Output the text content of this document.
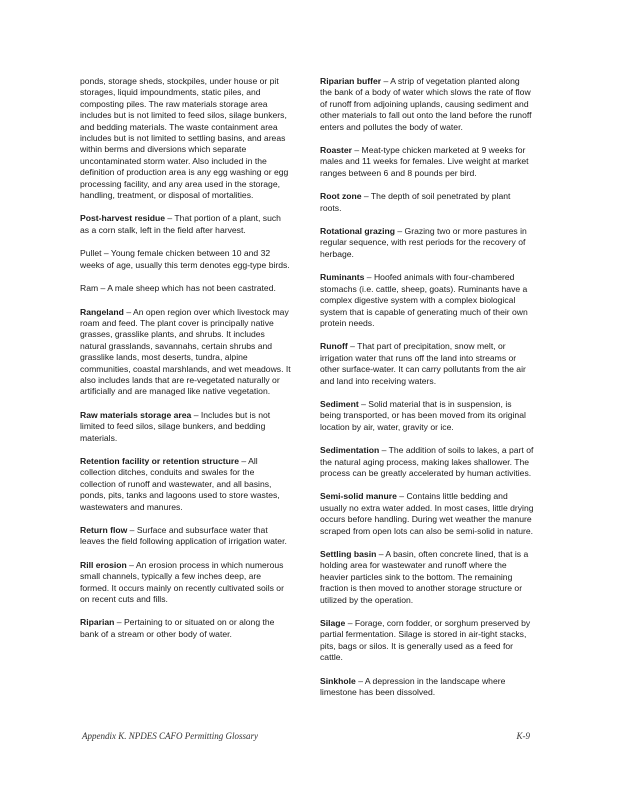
ponds, storage sheds, stockpiles, under house or pit storages, liquid impoundments, static piles, and composting piles. The raw materials storage area includes but is not limited to feed silos, silage bunkers, and bedding materials. The waste containment area includes but is not limited to settling basins, and areas within berms and diversions which separate uncontaminated storm water. Also included in the definition of production area is any egg washing or egg processing facility, and any area used in the storage, handling, treatment, or disposal of mortalities.

Post-harvest residue – That portion of a plant, such as a corn stalk, left in the field after harvest.

Pullet – Young female chicken between 10 and 32 weeks of age, usually this term denotes egg-type birds.

Ram – A male sheep which has not been castrated.

Rangeland – An open region over which livestock may roam and feed. The plant cover is principally native grasses, grasslike plants, and shrubs. It includes natural grasslands, savannahs, certain shrubs and grasslike lands, most deserts, tundra, alpine communities, coastal marshlands, and wet meadows. It also includes lands that are re-vegetated naturally or artificially and are managed like native vegetation.

Raw materials storage area – Includes but is not limited to feed silos, silage bunkers, and bedding materials.

Retention facility or retention structure – All collection ditches, conduits and swales for the collection of runoff and wastewater, and all basins, ponds, pits, tanks and lagoons used to store wastes, wastewaters and manures.

Return flow – Surface and subsurface water that leaves the field following application of irrigation water.

Rill erosion – An erosion process in which numerous small channels, typically a few inches deep, are formed. It occurs mainly on recently cultivated soils or on recent cuts and fills.

Riparian – Pertaining to or situated on or along the bank of a stream or other body of water.

Riparian buffer – A strip of vegetation planted along the bank of a body of water which slows the rate of flow of runoff from adjoining uplands, causing sediment and other materials to fall out onto the land before the runoff enters and pollutes the body of water.

Roaster – Meat-type chicken marketed at 9 weeks for males and 11 weeks for females. Live weight at market ranges between 6 and 8 pounds per bird.

Root zone – The depth of soil penetrated by plant roots.

Rotational grazing – Grazing two or more pastures in regular sequence, with rest periods for the recovery of herbage.

Ruminants – Hoofed animals with four-chambered stomachs (i.e. cattle, sheep, goats). Ruminants have a complex digestive system with a complex biological system that is capable of generating much of their own protein needs.

Runoff – That part of precipitation, snow melt, or irrigation water that runs off the land into streams or other surface-water. It can carry pollutants from the air and land into receiving waters.

Sediment – Solid material that is in suspension, is being transported, or has been moved from its original location by air, water, gravity or ice.

Sedimentation – The addition of soils to lakes, a part of the natural aging process, making lakes shallower. The process can be greatly accelerated by human activities.

Semi-solid manure – Contains little bedding and usually no extra water added. In most cases, little drying occurs before handling. During wet weather the manure scraped from open lots can also be semi-solid in nature.

Settling basin – A basin, often concrete lined, that is a holding area for wastewater and runoff where the heavier particles sink to the bottom. The remaining fraction is then moved to another storage structure or utilized by the operation.

Silage – Forage, corn fodder, or sorghum preserved by partial fermentation. Silage is stored in air-tight stacks, pits, bags or silos. It is generally used as a feed for cattle.

Sinkhole – A depression in the landscape where limestone has been dissolved.

Appendix K. NPDES CAFO Permitting Glossary	K-9
